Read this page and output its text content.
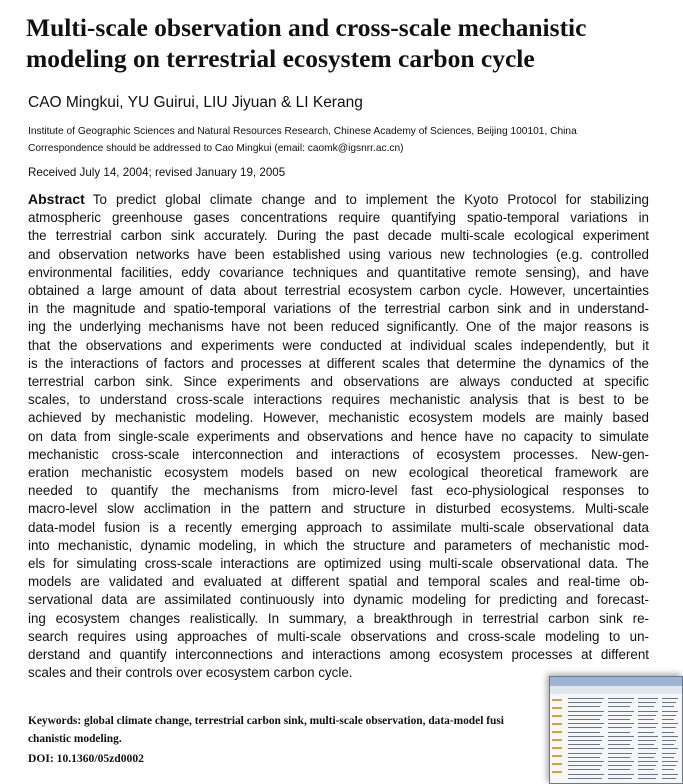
Multi-scale observation and cross-scale mechanistic
modeling on terrestrial ecosystem carbon cycle
CAO Mingkui, YU Guirui, LIU Jiyuan & LI Kerang
Institute of Geographic Sciences and Natural Resources Research, Chinese Academy of Sciences, Beijing 100101, China
Correspondence should be addressed to Cao Mingkui (email: caomk@igsnrr.ac.cn)
Received July 14, 2004; revised January 19, 2005
Abstract To predict global climate change and to implement the Kyoto Protocol for stabilizing
atmospheric greenhouse gases concentrations require quantifying spatio-temporal variations in
the terrestrial carbon sink accurately. During the past decade multi-scale ecological experiment
and observation networks have been established using various new technologies (e.g. controlled
environmental facilities, eddy covariance techniques and quantitative remote sensing), and have
obtained a large amount of data about terrestrial ecosystem carbon cycle. However, uncertainties
in the magnitude and spatio-temporal variations of the terrestrial carbon sink and in understand-
ing the underlying mechanisms have not been reduced significantly. One of the major reasons is
that the observations and experiments were conducted at individual scales independently, but it
is the interactions of factors and processes at different scales that determine the dynamics of the
terrestrial carbon sink. Since experiments and observations are always conducted at specific
scales, to understand cross-scale interactions requires mechanistic analysis that is best to be
achieved by mechanistic modeling. However, mechanistic ecosystem models are mainly based
on data from single-scale experiments and observations and hence have no capacity to simulate
mechanistic cross-scale interconnection and interactions of ecosystem processes. New-gen-
eration mechanistic ecosystem models based on new ecological theoretical framework are
needed to quantify the mechanisms from micro-level fast eco-physiological responses to
macro-level slow acclimation in the pattern and structure in disturbed ecosystems. Multi-scale
data-model fusion is a recently emerging approach to assimilate multi-scale observational data
into mechanistic, dynamic modeling, in which the structure and parameters of mechanistic mod-
els for simulating cross-scale interactions are optimized using multi-scale observational data. The
models are validated and evaluated at different spatial and temporal scales and real-time ob-
servational data are assimilated continuously into dynamic modeling for predicting and forecast-
ing ecosystem changes realistically. In summary, a breakthrough in terrestrial carbon sink re-
search requires using approaches of multi-scale observations and cross-scale modeling to un-
derstand and quantify interconnections and interactions among ecosystem processes at different
scales and their controls over ecosystem carbon cycle.
Keywords: global climate change, terrestrial carbon sink, multi-scale observation, data-model fusi
chanistic modeling.
DOI: 10.1360/05zd0002
